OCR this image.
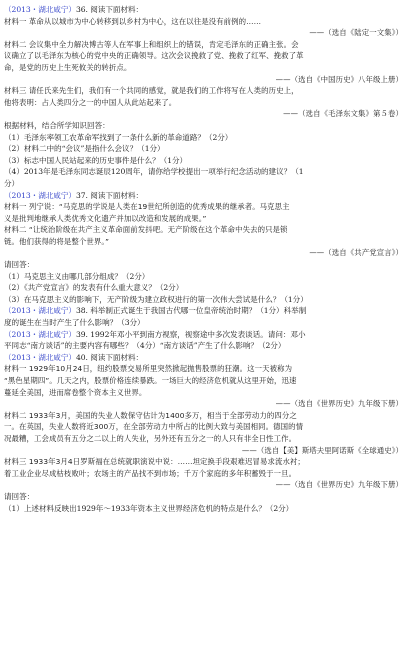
（2013・湖北咸宁）36. 阅读下面材料：
材料一 革命从以城市为中心转移到以乡村为中心，这在以往是没有前例的……
——（选自《陆定一文集》）
材料二 会议集中全力解决博古等人在军事上和组织上的错误，肯定毛泽东的正确主张。会
议确立了以毛泽东为核心的党中央的正确领导。这次会议挽救了党、挽救了红军、挽救了革
命，是党的历史上生死攸关的转折点。
——（选自《中国历史》八年级上册）
材料三 请任氏来先生们，我们有一个共同的感觉，就是我们的工作将写在人类的历史上，
他将表明：占人类四分之一的中国人从此站起来了。
——（选自《毛泽东文集》第５卷）
根据材料，结合所学知识回答：
（1）毛泽东率领工农革命军找到了一条什么新的革命道路？（2分）
（2）材料二中的“会议”是指什么会议？（1分）
（3）标志中国人民站起来的历史事件是什么？（1分）
（4）2013年是毛泽东同志诞辰120周年，请你给学校提出一项举行纪念活动的建议？（1
分）
（2013・湖北咸宁）37. 阅读下面材料：
材料一 列宁说：“马克思的学说是人类在19世纪所创造的优秀成果的继承者。马克思主
义是批判地继承人类优秀文化遗产并加以改造和发展的成果。”
材料二 “让统治阶级在共产主义革命面前发抖吧。无产阶级在这个革命中失去的只是锁
链。他们获得的将是整个世界。”
——（选自《共产党宣言》）
请回答：
（1）马克思主义由哪几部分组成？（2分）
（2）《共产党宣言》的发表有什么重大意义？（2分）
（3）在马克思主义的影响下，无产阶级为建立政权进行的第一次伟大尝试是什么？（1分）
（2013・湖北咸宁）38. 科举制正式诞生于我国古代哪一位皇帝统治时期？（1分）科举制
度的诞生在当时产生了什么影响？（3分）
（2013・湖北咸宁）39. 1992年邓小平到南方视察，视察途中多次发表谈话。请问：邓小
平同志“南方谈话”的主要内容有哪些？（4分）“南方谈话”产生了什么影响？（2分）
（2013・湖北咸宁）40. 阅读下面材料：
材料一 1929年10月24日，纽约股票交易所里突然掀起抛售股票的狂潮。这一天被称为
“黑色星期四”。几天之内，股票价格连续暴跌。一场巨大的经济危机就从这里开始，迅速
蔓延全美国，进而席卷整个资本主义世界。
——（选自《世界历史》九年级下册）
材料二 1933年3月，美国的失业人数保守估计为1400多万，相当于全部劳动力的四分之
一。在英国，失业人数将近300万，在全部劳动力中所占的比例大致与美国相同。德国的情
况最糟，工会成员有五分之二以上的人失业，另外还有五分之一的人只有非全日性工作。
——（选自【美】斯塔夫里阿诺斯《全球通史》）
材料三 1933年3月4日罗斯福在总统就职演说中说：……坦定换手段艰难迟冒易求流水衬；
着工业企业尽成枯枝败叶；农场主的产品找不到市场；千万个家庭的多年积蓄毁于一旦。
——（选自《世界历史》九年级下册）
请回答：
（1）上述材料反映出1929年～1933年资本主义世界经济危机的特点是什么？（2分）
